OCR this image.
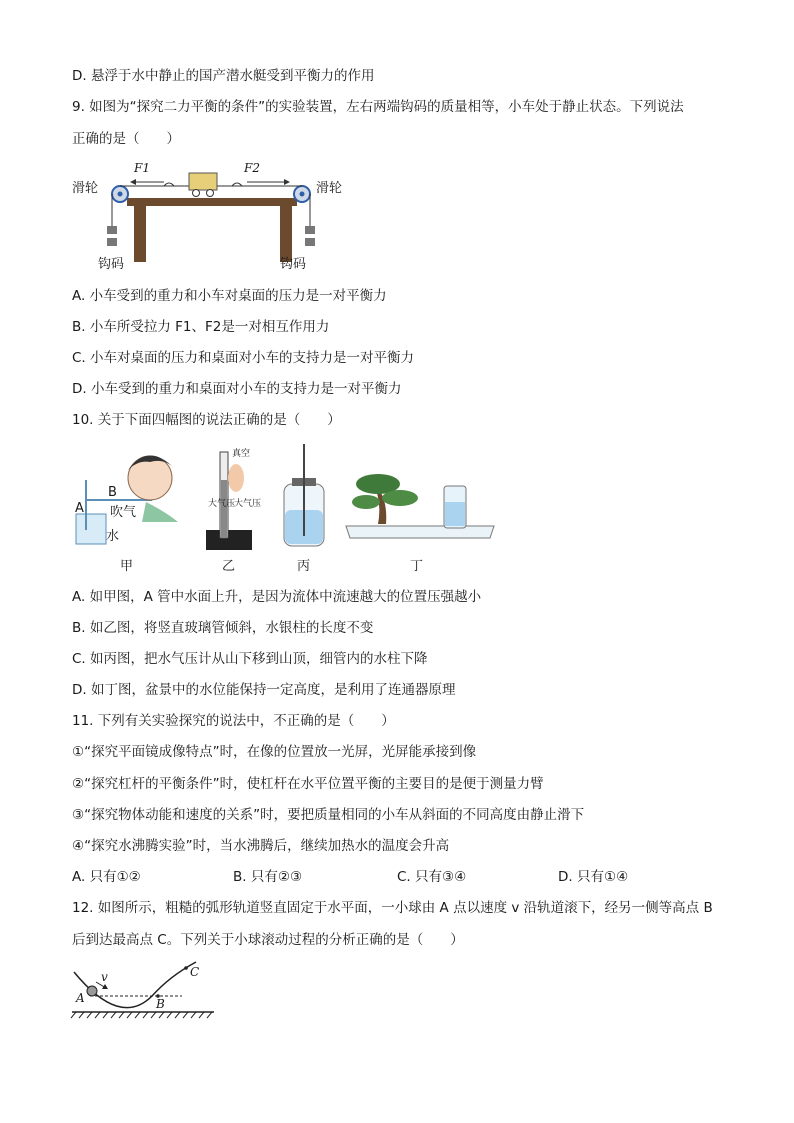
D. 悬浮于水中静止的国产潜水艇受到平衡力的作用
9. 如图为“探究二力平衡的条件”的实验装置，左右两端钩码的质量相等，小车处于静止状态。下列说法
正确的是（　　）
F1	F2
滑轮	滑轮
钩码	钩码
A. 小车受到的重力和小车对桌面的压力是一对平衡力
B. 小车所受拉力 F1、F2是一对相互作用力
C. 小车对桌面的压力和桌面对小车的支持力是一对平衡力
D. 小车受到的重力和桌面对小车的支持力是一对平衡力
10. 关于下面四幅图的说法正确的是（　　）
A
B
吹气
水
甲
真空
大气压
大气压
乙	丙	丁
A. 如甲图，A 管中水面上升，是因为流体中流速越大的位置压强越小
B. 如乙图，将竖直玻璃管倾斜，水银柱的长度不变
C. 如丙图，把水气压计从山下移到山顶，细管内的水柱下降
D. 如丁图，盆景中的水位能保持一定高度，是利用了连通器原理
11. 下列有关实验探究的说法中，不正确的是（　　）
①“探究平面镜成像特点”时，在像的位置放一光屏，光屏能承接到像
②“探究杠杆的平衡条件”时，使杠杆在水平位置平衡的主要目的是便于测量力臂
③“探究物体动能和速度的关系”时，要把质量相同的小车从斜面的不同高度由静止滑下
④“探究水沸腾实验”时，当水沸腾后，继续加热水的温度会升高
A. 只有①②	B. 只有②③	C. 只有③④	D. 只有①④
12. 如图所示，粗糙的弧形轨道竖直固定于水平面，一小球由 A 点以速度 v 沿轨道滚下，经另一侧等高点 B
后到达最高点 C。下列关于小球滚动过程的分析正确的是（　　）
v
A	B
C
